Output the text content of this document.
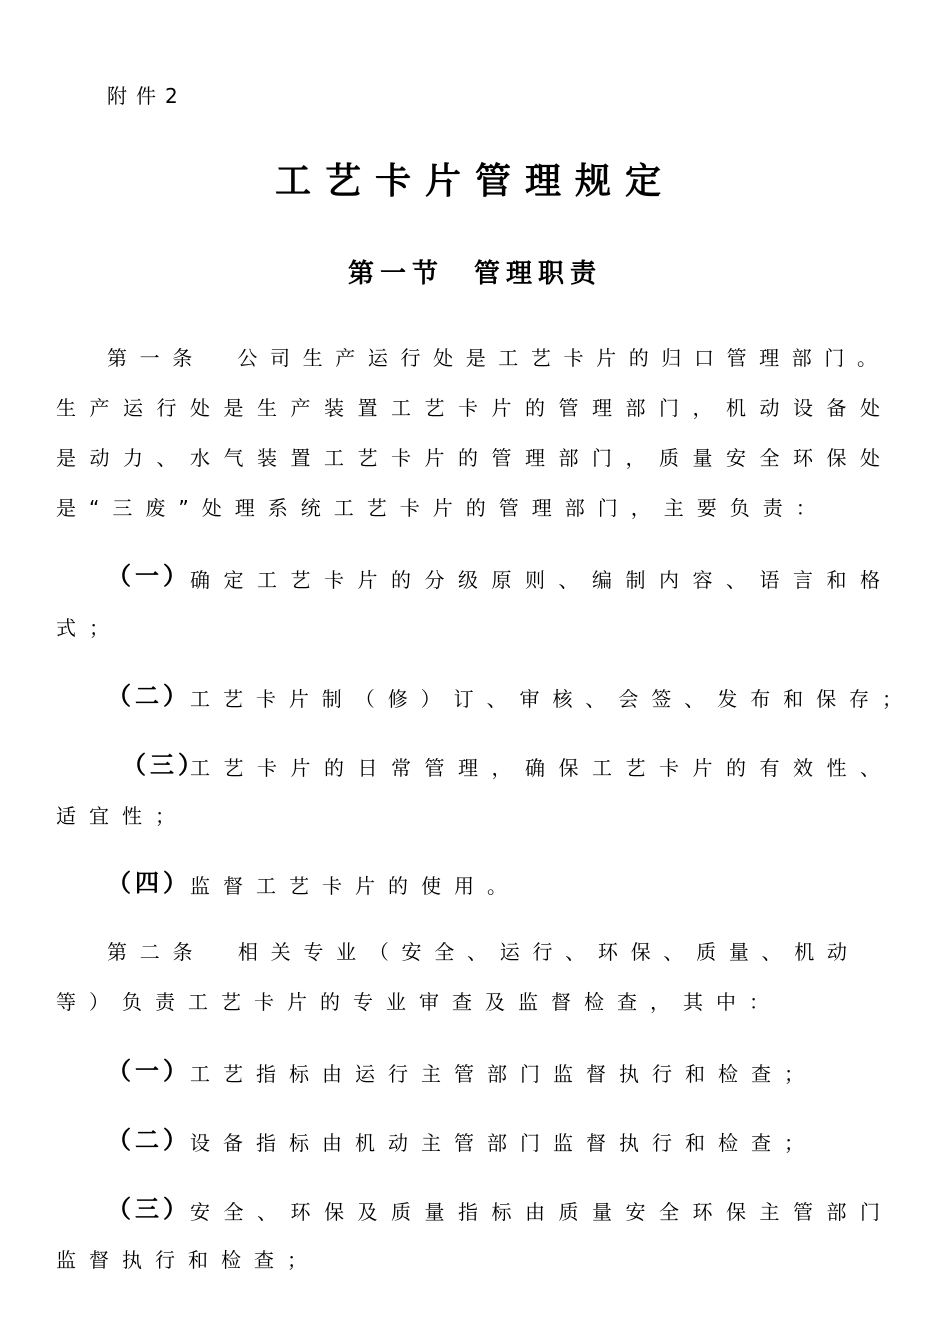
附件2

工艺卡片管理规定
第一节 管理职责

第一条　公司生产运行处是工艺卡片的归口管理部门。

生产运行处是生产装置工艺卡片的管理部门，机动设备处

是动力、水气装置工艺卡片的管理部门，质量安全环保处

是“三废”处理系统工艺卡片的管理部门，主要负责：

（一） 确定工艺卡片的分级原则、编制内容、语言和格

式；

（二） 工艺卡片制（修）订、审核、会签、发布和保存；

（三）

工艺卡片的日常管理，确保工艺卡片的有效性、

适宜性；

（四） 监督工艺卡片的使用。

第二条　相关专业（安全、运行、环保、质量、机动

等）负责工艺卡片的专业审查及监督检查，其中：

（一） 工艺指标由运行主管部门监督执行和检查；

（二） 设备指标由机动主管部门监督执行和检查；

（三） 安全、环保及质量指标由质量安全环保主管部门

监督执行和检查；
